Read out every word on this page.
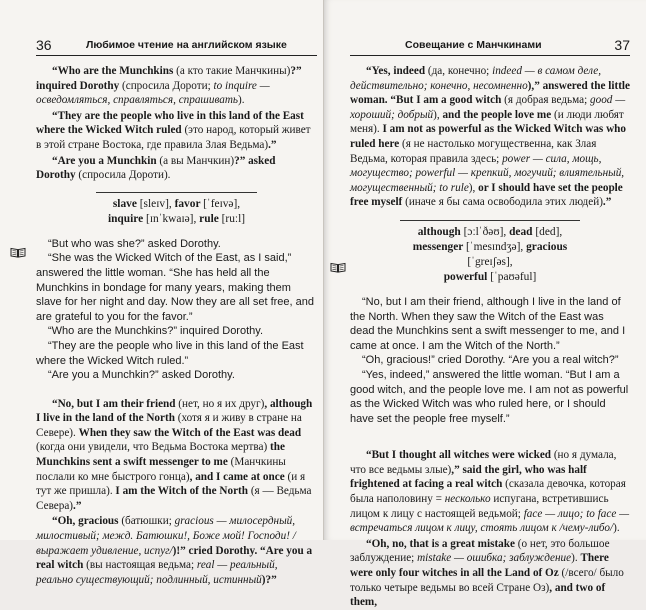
36	Любимое чтение на английском языке

“Who are the Munchkins (а кто такие Манчкины)?” inquired Dorothy (спросила Дороти; to inquire — осведомляться, справляться, спрашивать).

“They are the people who live in this land of the East where the Wicked Witch ruled (это народ, который живет в этой стране Востока, где правила Злая Ведьма).”

“Are you a Munchkin (а вы Манчкин)?” asked Dorothy (спросила Дороти).

slave [sleɪv], favor [ˈfeɪvə],
inquire [ɪnˈkwaɪə], rule [ruːl]

“But who was she?” asked Dorothy.

“She was the Wicked Witch of the East, as I said,” answered the little woman. “She has held all the Munchkins in bondage for many years, making them slave for her night and day. Now they are all set free, and are grateful to you for the favor.”

“Who are the Munchkins?” inquired Dorothy.

“They are the people who live in this land of the East where the Wicked Witch ruled.”

“Are you a Munchkin?” asked Dorothy.

“No, but I am their friend (нет, но я их друг), although I live in the land of the North (хотя я и живу в стране на Севере). When they saw the Witch of the East was dead (когда они увидели, что Ведьма Востока мертва) the Munchkins sent a swift messenger to me (Манчкины послали ко мне быстрого гонца), and I came at once (и я тут же пришла). I am the Witch of the North (я — Ведьма Севера).”

“Oh, gracious (батюшки; gracious — милосердный, милостивый; межд. Батюшки!, Боже мой! Господи! /выражает удивление, испуг/)!” cried Dorothy. “Are you a real witch (вы настоящая ведьма; real — реальный, реально существующий; подлинный, истинный)?”

Совещание с Манчкинами	37

“Yes, indeed (да, конечно; indeed — в самом деле, действительно; конечно, несомненно),” answered the little woman. “But I am a good witch (я добрая ведьма; good — хороший; добрый), and the people love me (и люди любят меня). I am not as powerful as the Wicked Witch was who ruled here (я не настолько могущественна, как Злая Ведьма, которая правила здесь; power — сила, мощь, могущество; powerful — крепкий, могучий; влиятельный, могущественный; to rule), or I should have set the people free myself (иначе я бы сама освободила этих людей).”

although [ɔːlˈðəʊ], dead [ded],
messenger [ˈmesɪndʒə], gracious [ˈgreɪʃəs],
powerful [ˈpaʊəful]

“No, but I am their friend, although I live in the land of the North. When they saw the Witch of the East was dead the Munchkins sent a swift messenger to me, and I came at once. I am the Witch of the North.”

“Oh, gracious!” cried Dorothy. “Are you a real witch?”

“Yes, indeed,” answered the little woman. “But I am a good witch, and the people love me. I am not as powerful as the Wicked Witch was who ruled here, or I should have set the people free myself.”

“But I thought all witches were wicked (но я думала, что все ведьмы злые),” said the girl, who was half frightened at facing a real witch (сказала девочка, которая была наполовину = несколько испугана, встретившись лицом к лицу с настоящей ведьмой; face — лицо; to face — встречаться лицом к лицу, стоять лицом к /чему-либо/).

“Oh, no, that is a great mistake (о нет, это большое заблуждение; mistake — ошибка; заблуждение). There were only four witches in all the Land of Oz (/всего/ было только четыре ведьмы во всей Стране Оз), and two of them,
